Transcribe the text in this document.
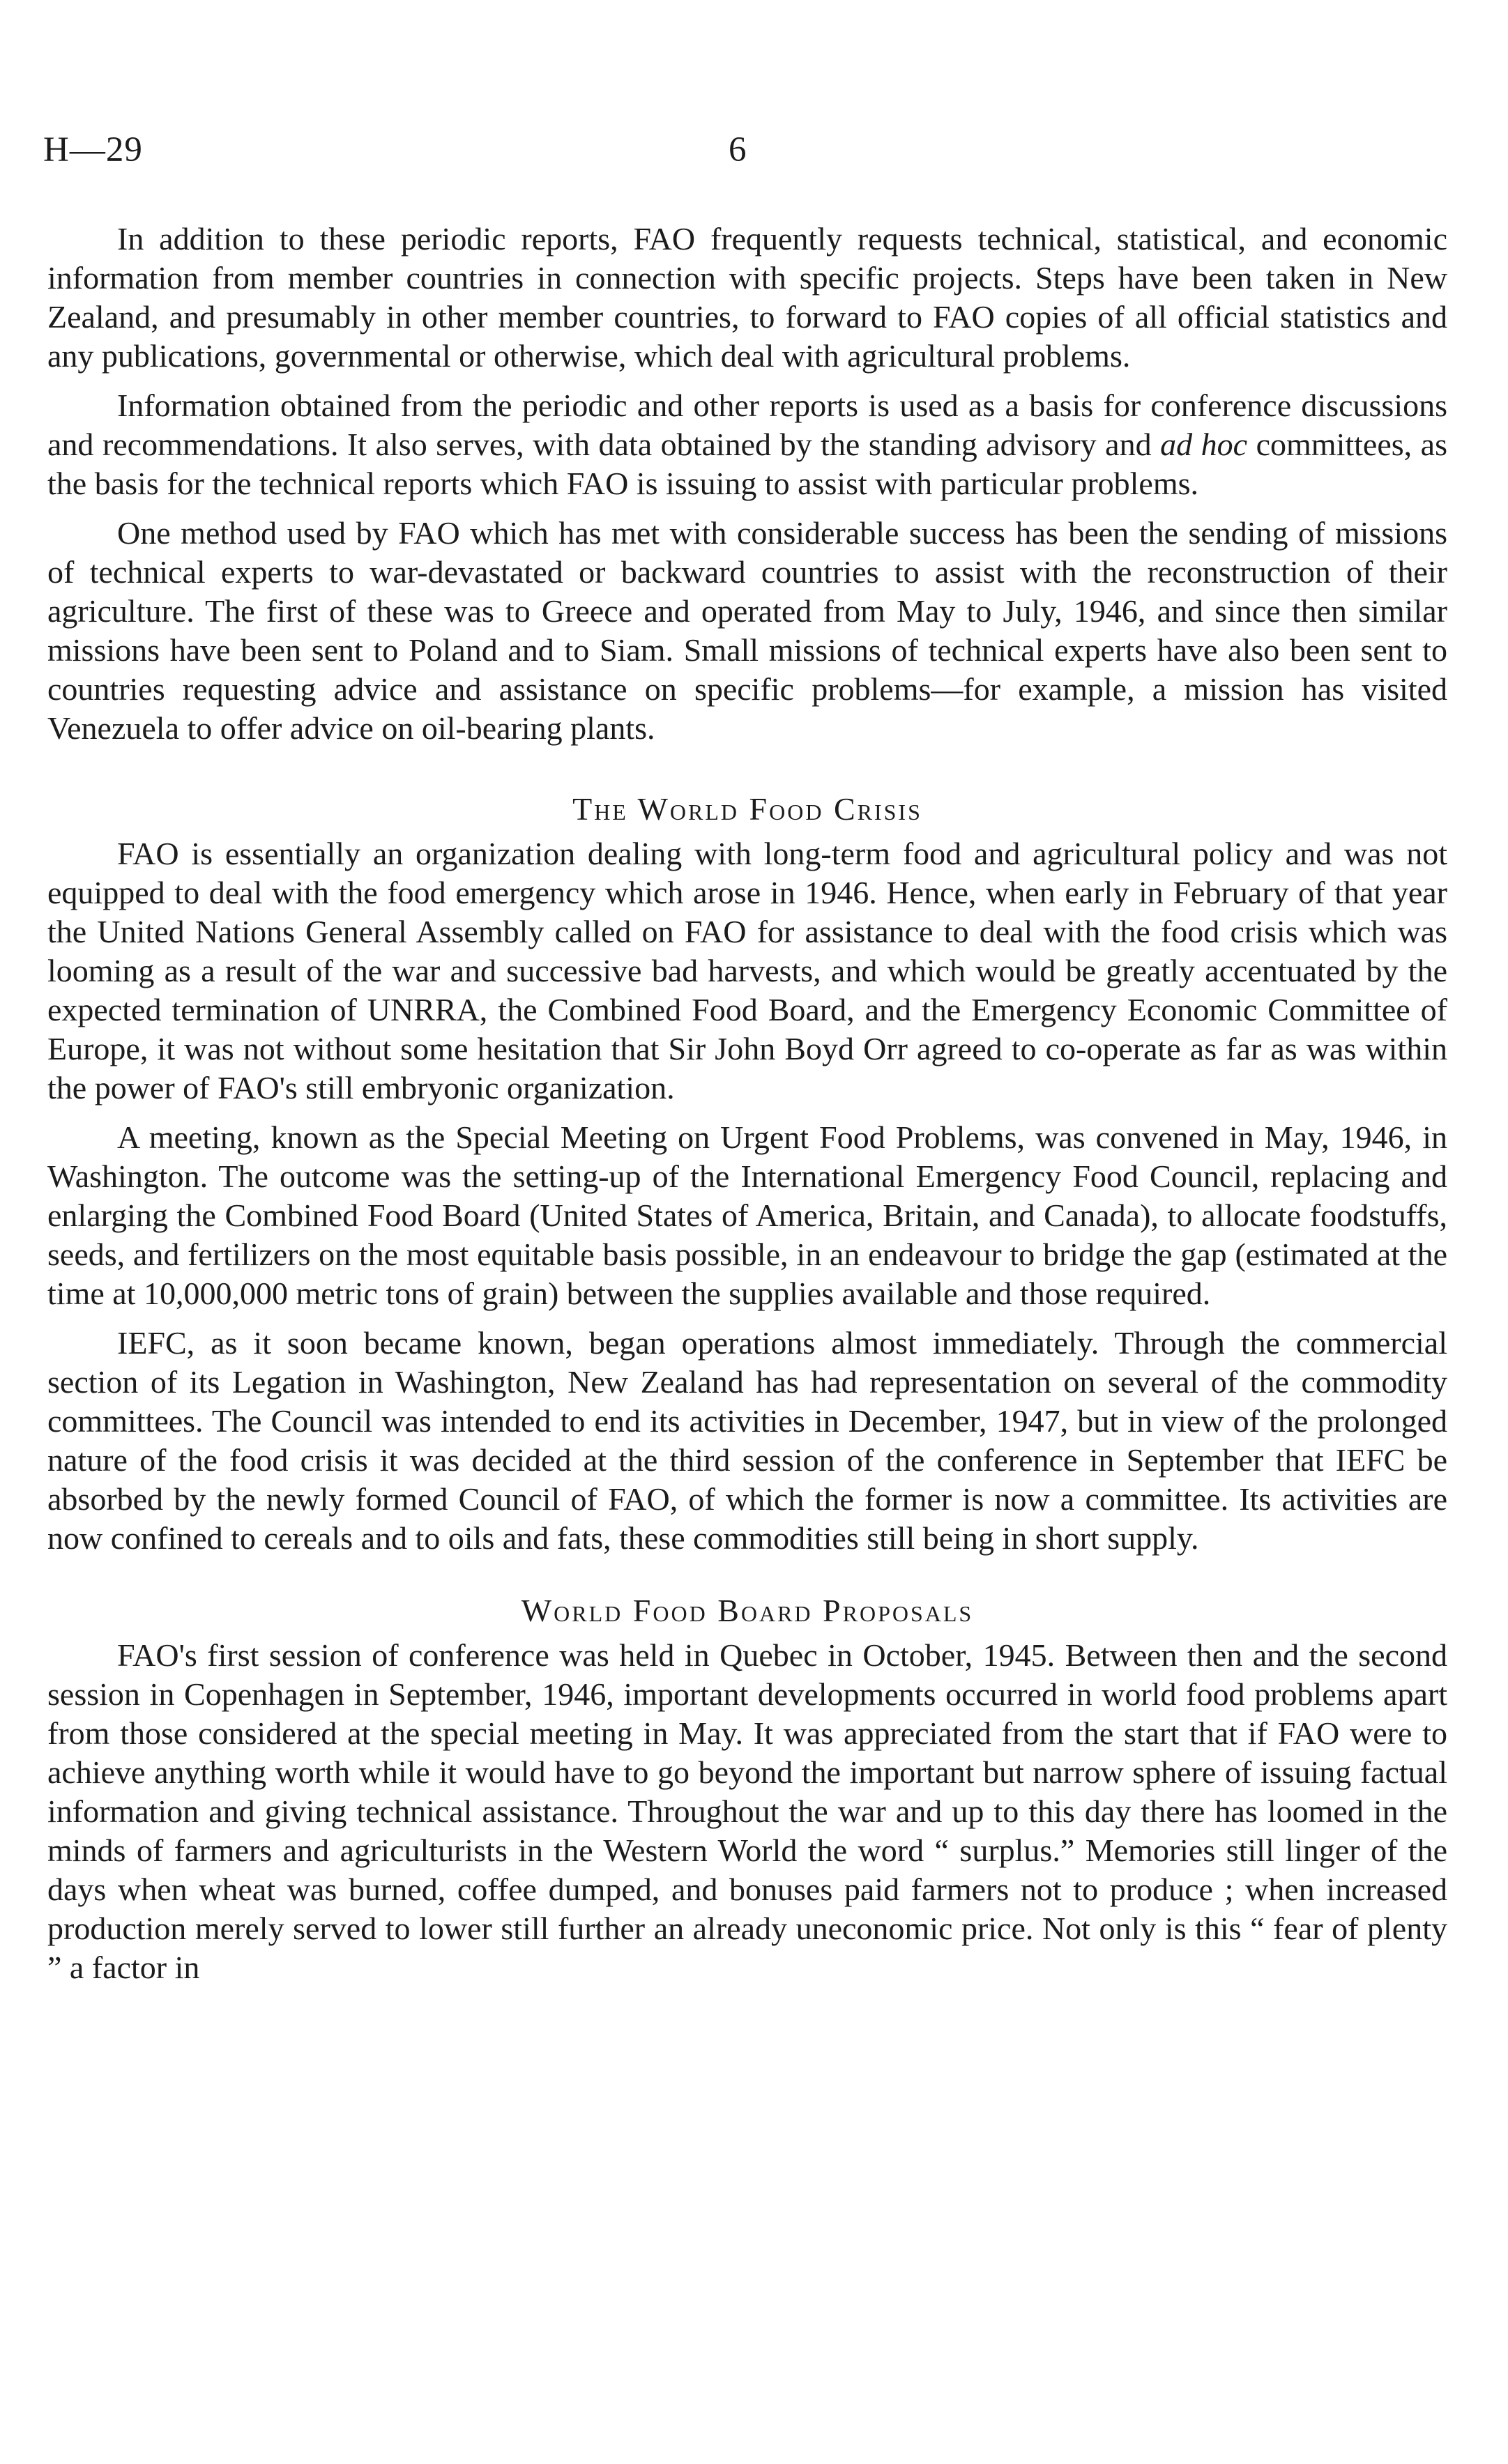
H—29	6

In addition to these periodic reports, FAO frequently requests technical, statistical, and economic information from member countries in connection with specific projects. Steps have been taken in New Zealand, and presumably in other member countries, to forward to FAO copies of all official statistics and any publications, governmental or otherwise, which deal with agricultural problems.

Information obtained from the periodic and other reports is used as a basis for conference discussions and recommendations. It also serves, with data obtained by the standing advisory and ad hoc committees, as the basis for the technical reports which FAO is issuing to assist with particular problems.

One method used by FAO which has met with considerable success has been the sending of missions of technical experts to war-devastated or backward countries to assist with the reconstruction of their agriculture. The first of these was to Greece and operated from May to July, 1946, and since then similar missions have been sent to Poland and to Siam. Small missions of technical experts have also been sent to countries requesting advice and assistance on specific problems—for example, a mission has visited Venezuela to offer advice on oil-bearing plants.

The World Food Crisis

FAO is essentially an organization dealing with long-term food and agricultural policy and was not equipped to deal with the food emergency which arose in 1946. Hence, when early in February of that year the United Nations General Assembly called on FAO for assistance to deal with the food crisis which was looming as a result of the war and successive bad harvests, and which would be greatly accentuated by the expected termination of UNRRA, the Combined Food Board, and the Emergency Economic Committee of Europe, it was not without some hesitation that Sir John Boyd Orr agreed to co-operate as far as was within the power of FAO's still embryonic organization.

A meeting, known as the Special Meeting on Urgent Food Problems, was convened in May, 1946, in Washington. The outcome was the setting-up of the International Emergency Food Council, replacing and enlarging the Combined Food Board (United States of America, Britain, and Canada), to allocate foodstuffs, seeds, and fertilizers on the most equitable basis possible, in an endeavour to bridge the gap (estimated at the time at 10,000,000 metric tons of grain) between the supplies available and those required.

IEFC, as it soon became known, began operations almost immediately. Through the commercial section of its Legation in Washington, New Zealand has had representation on several of the commodity committees. The Council was intended to end its activities in December, 1947, but in view of the prolonged nature of the food crisis it was decided at the third session of the conference in September that IEFC be absorbed by the newly formed Council of FAO, of which the former is now a committee. Its activities are now confined to cereals and to oils and fats, these commodities still being in short supply.

World Food Board Proposals

FAO's first session of conference was held in Quebec in October, 1945. Between then and the second session in Copenhagen in September, 1946, important developments occurred in world food problems apart from those considered at the special meeting in May. It was appreciated from the start that if FAO were to achieve anything worth while it would have to go beyond the important but narrow sphere of issuing factual information and giving technical assistance. Throughout the war and up to this day there has loomed in the minds of farmers and agriculturists in the Western World the word “ surplus.” Memories still linger of the days when wheat was burned, coffee dumped, and bonuses paid farmers not to produce ; when increased production merely served to lower still further an already uneconomic price. Not only is this “ fear of plenty ” a factor in
